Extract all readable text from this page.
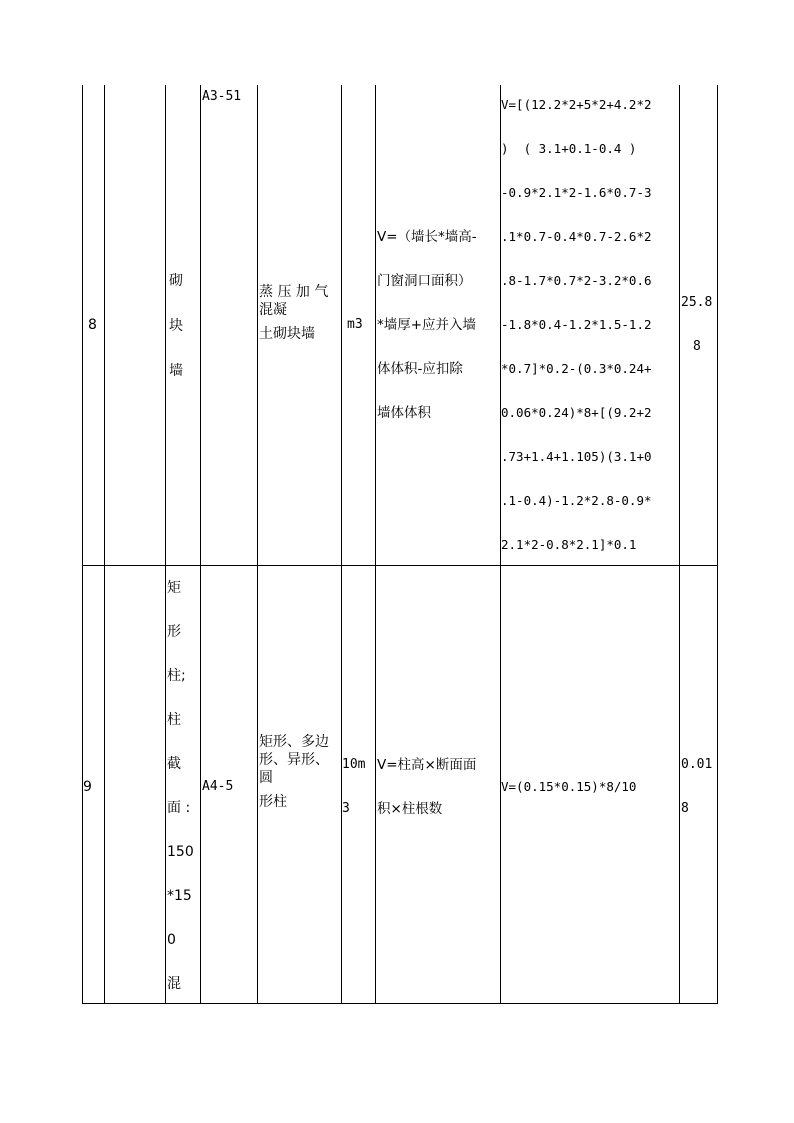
8
砌
块
墙
A3-51
蒸 压 加 气
混凝
土砌块墙
m3
V=（墙长*墙高-
门窗洞口面积）
*墙厚+应并入墙
体体积-应扣除
墙体体积
V=[(12.2*2+5*2+4.2*2
)  ( 3.1+0.1-0.4 )
-0.9*2.1*2-1.6*0.7-3
.1*0.7-0.4*0.7-2.6*2
.8-1.7*0.7*2-3.2*0.6
-1.8*0.4-1.2*1.5-1.2
*0.7]*0.2-(0.3*0.24+
0.06*0.24)*8+[(9.2+2
.73+1.4+1.105)(3.1+0
.1-0.4)-1.2*2.8-0.9*
2.1*2-0.8*2.1]*0.1
25.8
8
9
矩
形
柱;
柱
截
面 :
150
*15
0
混
A4-5
矩形、多边
形、异形、
圆
形柱
10m
3
V=柱高×断面面
积×柱根数
V=(0.15*0.15)*8/10
0.01
8
